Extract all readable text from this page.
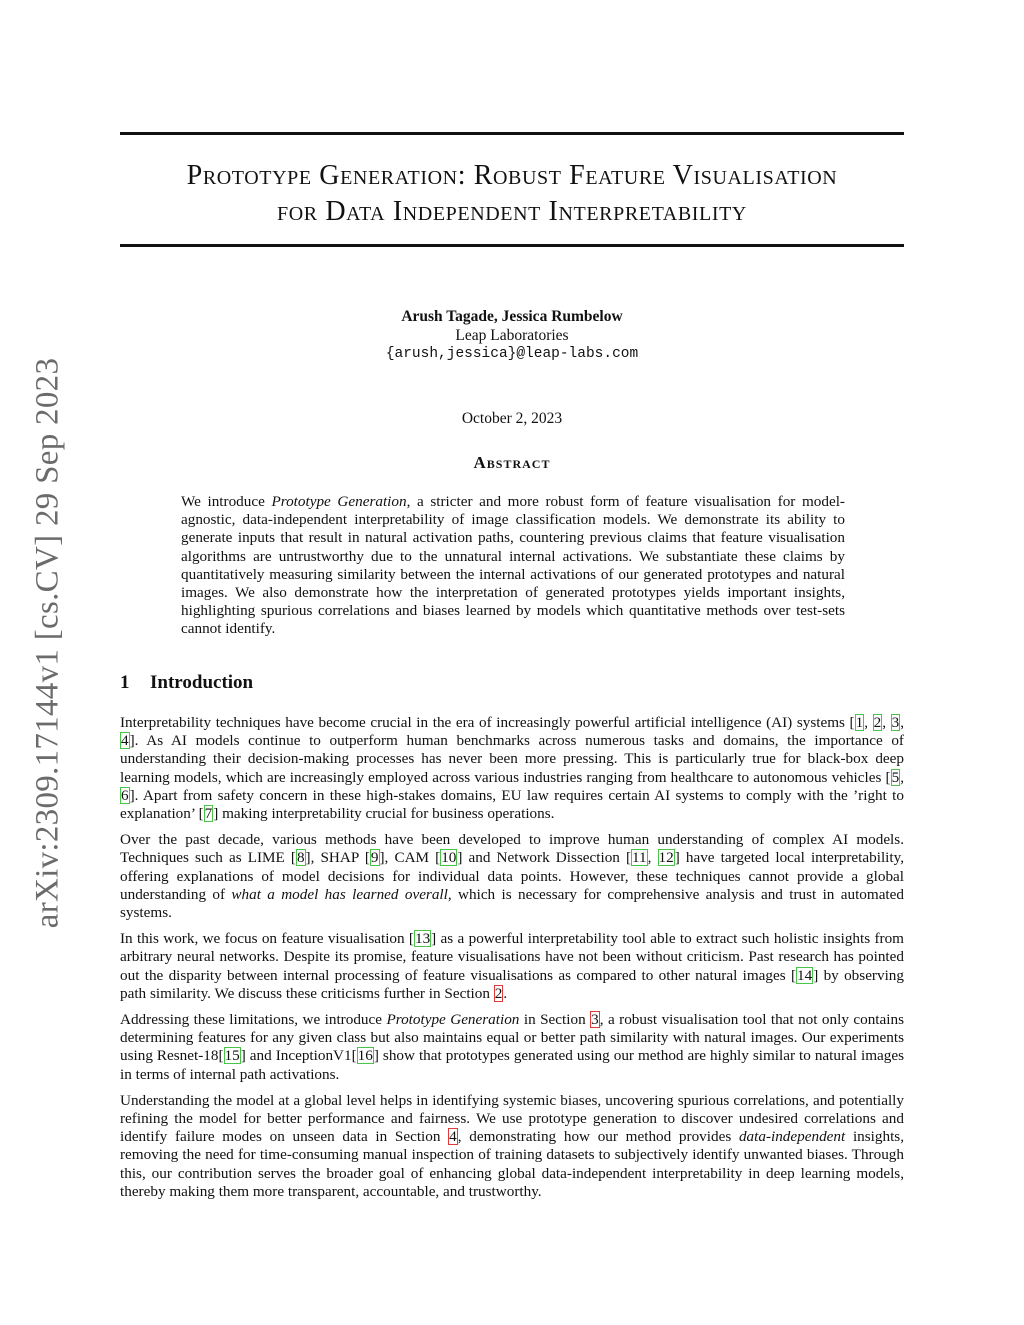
arXiv:2309.17144v1 [cs.CV] 29 Sep 2023
Prototype Generation: Robust Feature Visualisation
for Data Independent Interpretability
Arush Tagade, Jessica Rumbelow
Leap Laboratories
{arush,jessica}@leap-labs.com
October 2, 2023
Abstract

We introduce Prototype Generation, a stricter and more robust form of feature visualisation for model-agnostic, data-independent interpretability of image classification models. We demonstrate its ability to generate inputs that result in natural activation paths, countering previous claims that feature visualisation algorithms are untrustworthy due to the unnatural internal activations. We substantiate these claims by quantitatively measuring similarity between the internal activations of our generated prototypes and natural images. We also demonstrate how the interpretation of generated prototypes yields important insights, highlighting spurious correlations and biases learned by models which quantitative methods over test-sets cannot identify.

1 Introduction

Interpretability techniques have become crucial in the era of increasingly powerful artificial intelligence (AI) systems [1, 2, 3, 4]. As AI models continue to outperform human benchmarks across numerous tasks and domains, the importance of understanding their decision-making processes has never been more pressing. This is particularly true for black-box deep learning models, which are increasingly employed across various industries ranging from healthcare to autonomous vehicles [5, 6]. Apart from safety concern in these high-stakes domains, EU law requires certain AI systems to comply with the ’right to explanation’ [7] making interpretability crucial for business operations.

Over the past decade, various methods have been developed to improve human understanding of complex AI models. Techniques such as LIME [8], SHAP [9], CAM [10] and Network Dissection [11, 12] have targeted local interpretability, offering explanations of model decisions for individual data points. However, these techniques cannot provide a global understanding of what a model has learned overall, which is necessary for comprehensive analysis and trust in automated systems.

In this work, we focus on feature visualisation [13] as a powerful interpretability tool able to extract such holistic insights from arbitrary neural networks. Despite its promise, feature visualisations have not been without criticism. Past research has pointed out the disparity between internal processing of feature visualisations as compared to other natural images [14] by observing path similarity. We discuss these criticisms further in Section 2.

Addressing these limitations, we introduce Prototype Generation in Section 3, a robust visualisation tool that not only contains determining features for any given class but also maintains equal or better path similarity with natural images. Our experiments using Resnet-18[15] and InceptionV1[16] show that prototypes generated using our method are highly similar to natural images in terms of internal path activations.

Understanding the model at a global level helps in identifying systemic biases, uncovering spurious correlations, and potentially refining the model for better performance and fairness. We use prototype generation to discover undesired correlations and identify failure modes on unseen data in Section 4, demonstrating how our method provides data-independent insights, removing the need for time-consuming manual inspection of training datasets to subjectively identify unwanted biases. Through this, our contribution serves the broader goal of enhancing global data-independent interpretability in deep learning models, thereby making them more transparent, accountable, and trustworthy.
